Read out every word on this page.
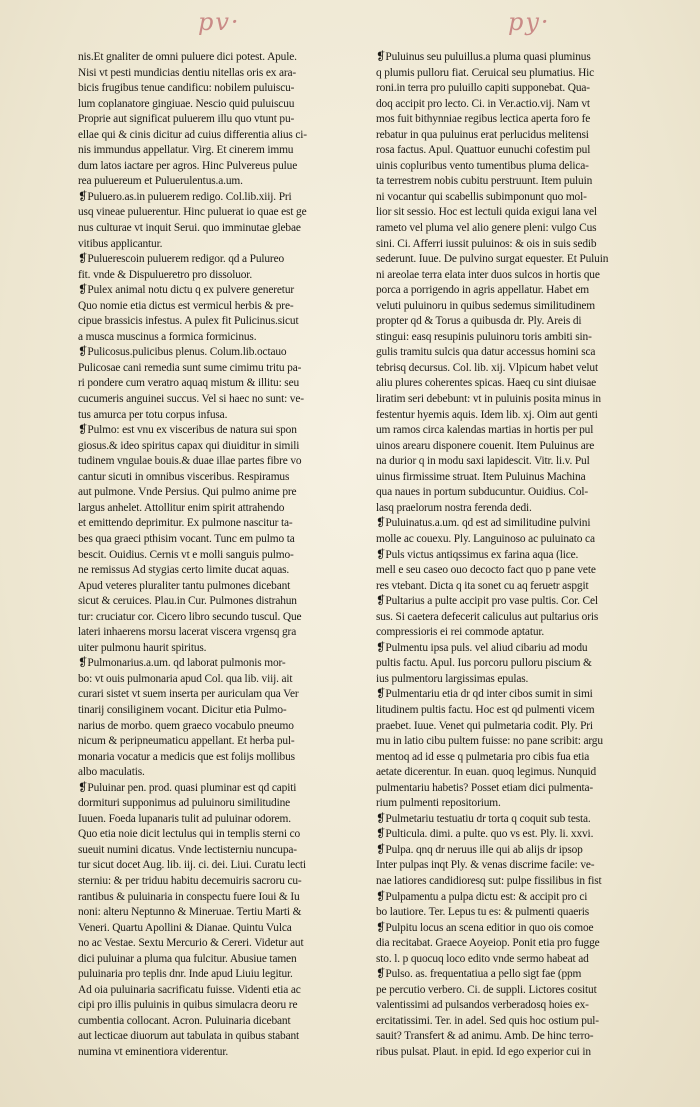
pv·	py·
nis.Et gnaliter de omni puluere dici potest. Apule.
Nisi vt pesti mundicias dentiu nitellas oris ex ara-
bicis frugibus tenue candificu: nobilem puluiscu-
lum coplanatore gingiuae. Nescio quid puluiscuu
Proprie aut significat puluerem illu quo vtunt pu-
ellae qui & cinis dicitur ad cuius differentia alius ci-
nis immundus appellatur. Virg. Et cinerem immu
dum latos iactare per agros. Hinc Pulvereus pulue
rea puluereum et Puluerulentus.a.um.
❡Puluero.as.in puluerem redigo. Col.lib.xiij. Pri
usq vineae puluerentur. Hinc puluerat io quae est ge
nus culturae vt inquit Serui. quo imminutae glebae
vitibus applicantur.
❡Puluerescoin puluerem redigor. qd a Pulureo
fit. vnde & Dispulueretro pro dissoluor.
❡Pulex animal notu dictu q ex pulvere generetur
Quo nomie etia dictus est vermicul herbis & pre-
cipue brassicis infestus. A pulex fit Pulicinus.sicut
a musca muscinus a formica formicinus.
❡Pulicosus.pulicibus plenus. Colum.lib.octauo
Pulicosae cani remedia sunt sume cimimu tritu pa-
ri pondere cum veratro aquaq mistum & illitu: seu
cucumeris anguinei succus. Vel si haec no sunt: ve-
tus amurca per totu corpus infusa.
❡Pulmo: est vnu ex visceribus de natura sui spon
giosus.& ideo spiritus capax qui diuiditur in simili
tudinem vngulae bouis.& duae illae partes fibre vo
cantur sicuti in omnibus visceribus. Respiramus
aut pulmone. Vnde Persius. Qui pulmo anime pre
largus anhelet. Attollitur enim spirit attrahendo
et emittendo deprimitur. Ex pulmone nascitur ta-
bes qua graeci pthisim vocant. Tunc em pulmo ta
bescit. Ouidius. Cernis vt e molli sanguis pulmo-
ne remissus Ad stygias certo limite ducat aquas.
Apud veteres pluraliter tantu pulmones dicebant
sicut & ceruices. Plau.in Cur. Pulmones distrahun
tur: cruciatur cor. Cicero libro secundo tuscul. Que
lateri inhaerens morsu lacerat viscera vrgensq gra
uiter pulmonu haurit spiritus.
❡Pulmonarius.a.um. qd laborat pulmonis mor-
bo: vt ouis pulmonaria apud Col. qua lib. viij. ait
curari sistet vt suem inserta per auriculam qua Ver
tinarij consiliginem vocant. Dicitur etia Pulmo-
narius de morbo. quem graeco vocabulo pneumo
nicum & peripneumaticu appellant. Et herba pul-
monaria vocatur a medicis que est folijs mollibus
albo maculatis.
❡Puluinar pen. prod. quasi pluminar est qd capiti
dormituri supponimus ad puluinoru similitudine
Iuuen. Foeda lupanaris tulit ad puluinar odorem.
Quo etia noie dicit lectulus qui in templis sterni co
sueuit numini dicatus. Vnde lectisterniu nuncupa-
tur sicut docet Aug. lib. iij. ci. dei. Liui. Curatu lecti
sterniu: & per triduu habitu decemuiris sacroru cu-
rantibus & puluinaria in conspectu fuere Ioui & Iu
noni: alteru Neptunno & Mineruae. Tertiu Marti &
Veneri. Quartu Apollini & Dianae. Quintu Vulca
no ac Vestae. Sextu Mercurio & Cereri. Videtur aut
dici puluinar a pluma qua fulcitur. Abusiue tamen
puluinaria pro teplis dnr. Inde apud Liuiu legitur.
Ad oia puluinaria sacrificatu fuisse. Videnti etia ac
cipi pro illis puluinis in quibus simulacra deoru re
cumbentia collocant. Acron. Puluinaria dicebant
aut lecticae diuorum aut tabulata in quibus stabant
numina vt eminentiora viderentur.
❡Puluinus seu puluillus.a pluma quasi pluminus
q plumis pulloru fiat. Ceruical seu plumatius. Hic
roni.in terra pro puluillo capiti supponebat. Qua-
doq accipit pro lecto. Ci. in Ver.actio.vij. Nam vt
mos fuit bithynniae regibus lectica aperta foro fe
rebatur in qua puluinus erat perlucidus melitensi
rosa factus. Apul. Quattuor eunuchi cofestim pul
uinis copluribus vento tumentibus pluma delica-
ta terrestrem nobis cubitu perstruunt. Item puluin
ni vocantur qui scabellis subimponunt quo mol-
lior sit sessio. Hoc est lectuli quida exigui lana vel
rameto vel pluma vel alio genere pleni: vulgo Cus
sini. Ci. Afferri iussit puluinos: & ois in suis sedib
sederunt. Iuue. De pulvino surgat equester. Et Puluin
ni areolae terra elata inter duos sulcos in hortis que
porca a porrigendo in agris appellatur. Habet em
veluti puluinoru in quibus sedemus similitudinem
propter qd & Torus a quibusda dr. Ply. Areis di
stingui: easq resupinis puluinoru toris ambiti sin-
gulis tramitu sulcis qua datur accessus homini sca
tebrisq decursus. Col. lib. xij. Vlpicum habet velut
aliu plures coherentes spicas. Haeq cu sint diuisae
liratim seri debebunt: vt in puluinis posita minus in
festentur hyemis aquis. Idem lib. xj. Oim aut genti
um ramos circa kalendas martias in hortis per pul
uinos arearu disponere couenit. Item Puluinus are
na durior q in modu saxi lapidescit. Vitr. li.v. Pul
uinus firmissime struat. Item Puluinus Machina
qua naues in portum subducuntur. Ouidius. Col-
lasq praelorum nostra ferenda dedi.
❡Puluinatus.a.um. qd est ad similitudine pulvini
molle ac couexu. Ply. Languinoso ac puluinato ca
❡Puls victus antiqssimus ex farina aqua (lice.
mell e seu caseo ouo decocto fact quo p pane vete
res vtebant. Dicta q ita sonet cu aq feruetr aspgit
❡Pultarius a pulte accipit pro vase pultis. Cor. Cel
sus. Si caetera defecerit caliculus aut pultarius oris
compressioris ei rei commode aptatur.
❡Pulmentu ipsa puls. vel aliud cibariu ad modu
pultis factu. Apul. Ius porcoru pulloru piscium &
ius pulmentoru largissimas epulas.
❡Pulmentariu etia dr qd inter cibos sumit in simi
litudinem pultis factu. Hoc est qd pulmenti vicem
praebet. Iuue. Venet qui pulmetaria codit. Ply. Pri
mu in latio cibu pultem fuisse: no pane scribit: argu
mentoq ad id esse q pulmetaria pro cibis fua etia
aetate dicerentur. In euan. quoq legimus. Nunquid
pulmentariu habetis? Posset etiam dici pulmenta-
rium pulmenti repositorium.
❡Pulmetariu testuatiu dr torta q coquit sub testa.
❡Pulticula. dimi. a pulte. quo vs est. Ply. li. xxvi.
❡Pulpa. qnq dr neruus ille qui ab alijs dr ipsop
Inter pulpas inqt Ply. & venas discrime facile: ve-
nae latiores candidioresq sut: pulpe fissilibus in fist
❡Pulpamentu a pulpa dictu est: & accipit pro ci
bo lautiore. Ter. Lepus tu es: & pulmenti quaeris
❡Pulpitu locus an scena editior in quo ois comoe
dia recitabat. Graece Aoyeiop. Ponit etia pro fugge
sto. l. p quocuq loco edito vnde sermo habeat ad
❡Pulso. as. frequentatiua a pello sigt fae (ppm
pe percutio verbero. Ci. de suppli. Lictores cositut
valentissimi ad pulsandos verberadosq hoies ex-
ercitatissimi. Ter. in adel. Sed quis hoc ostium pul-
sauit? Transfert & ad animu. Amb. De hinc terro-
ribus pulsat. Plaut. in epid. Id ego experior cui in
